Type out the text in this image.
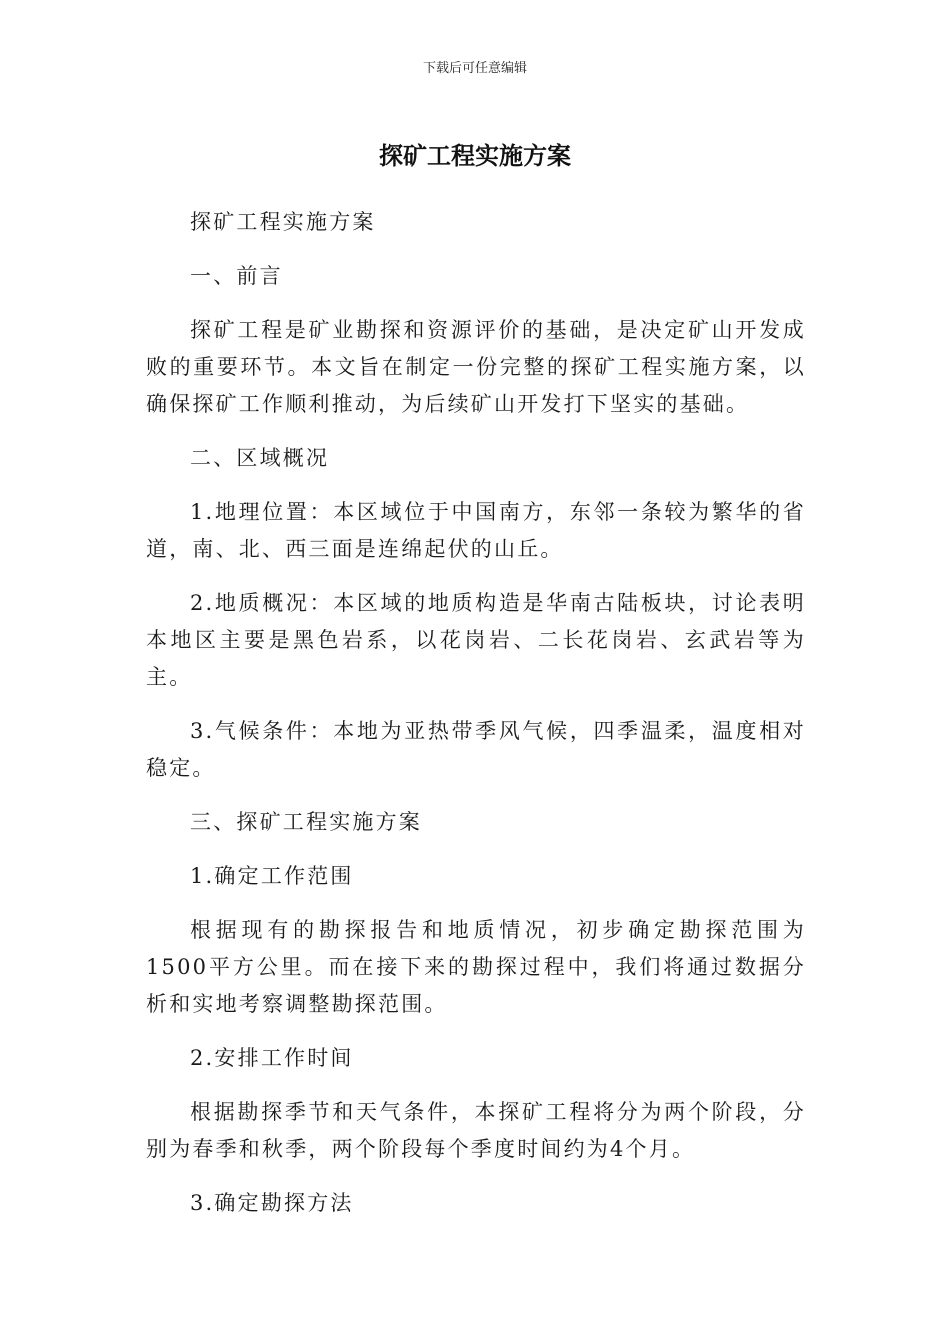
下载后可任意编辑
探矿工程实施方案

探矿工程实施方案

一、前言

探矿工程是矿业勘探和资源评价的基础，是决定矿山开发成败的重要环节。本文旨在制定一份完整的探矿工程实施方案，以确保探矿工作顺利推动，为后续矿山开发打下坚实的基础。

二、区域概况

1.地理位置：本区域位于中国南方，东邻一条较为繁华的省道，南、北、西三面是连绵起伏的山丘。

2.地质概况：本区域的地质构造是华南古陆板块，讨论表明本地区主要是黑色岩系，以花岗岩、二长花岗岩、玄武岩等为主。

3.气候条件：本地为亚热带季风气候，四季温柔，温度相对稳定。

三、探矿工程实施方案

1.确定工作范围

根据现有的勘探报告和地质情况，初步确定勘探范围为1500平方公里。而在接下来的勘探过程中，我们将通过数据分析和实地考察调整勘探范围。

2.安排工作时间

根据勘探季节和天气条件，本探矿工程将分为两个阶段，分别为春季和秋季，两个阶段每个季度时间约为4个月。

3.确定勘探方法
